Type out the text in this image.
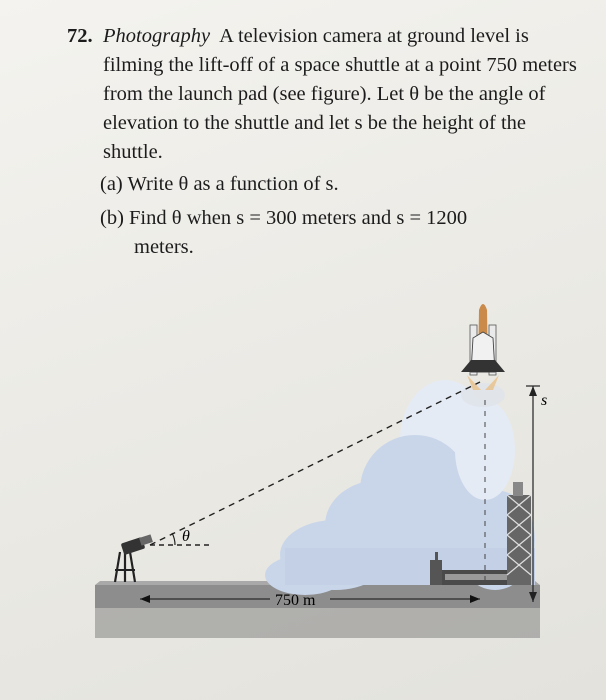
72. Photography A television camera at ground level is filming the lift-off of a space shuttle at a point 750 meters from the launch pad (see figure). Let θ be the angle of elevation to the shuttle and let s be the height of the shuttle.
(a) Write θ as a function of s.
(b) Find θ when s = 300 meters and s = 1200
meters.
θ
s
750 m
